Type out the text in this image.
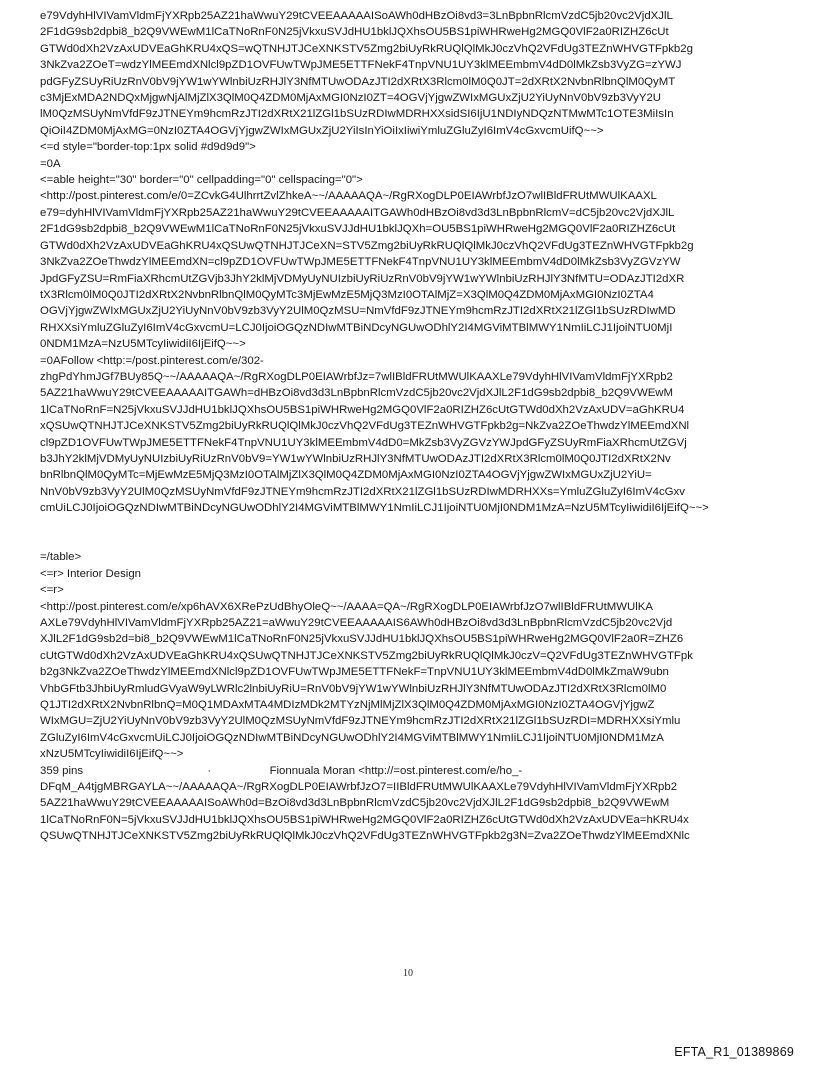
e79VdyhHlVIVamVldmFjYXRpb25AZ21haWwuY29tCVEEAAAAAISoAWh0dHBzOi8vd3=3LnBpbnRlcmVzdC5jb20vc2VjdXJlL
2F1dG9sb2dpbi8_b2Q9VWEwM1lCaTNoRnF0N25jVkxuSVJdHU1bklJQXhsOU5BS1piWHRweHg2MGQ0VlF2a0RIZHZ6cUt
GTWd0dXh2VzAxUDVEaGhKRU4xQS=wQTNHJTJCeXNKSTV5Zmg2biUyRkRUQlQlMkJ0czVhQ2VFdUg3TEZnWHVGTFpkb2g
3NkZva2ZOeT=wdzYlMEEmdXNlcl9pZD1OVFUwTWpJME5ETTFNekF4TnpVNU1UY3klMEEmbmV4dD0lMkZsb3VyZG=zYWJ
pdGFyZSUyRiUzRnV0bV9jYW1wYWlnbiUzRHJlY3NfMTUwODAzJTI2dXRtX3Rlcm0lM0Q0JT=2dXRtX2NvbnRlbnQlM0QyMT
c3MjExMDA2NDQxMjgwNjAlMjZlX3QlM0Q4ZDM0MjAxMGI0NzI0ZT=4OGVjYjgwZWIxMGUxZjU2YiUyNnV0bV9zb3VyY2U
lM0QzMSUyNmVfdF9zJTNEYm9hcmRzJTI2dXRtX21lZGl1bSUzRDIwMDRHXXsidSI6IjU1NDIyNDQzNTMwMTc1OTE3MiIsIn
QiOiI4ZDM0MjAxMG=0NzI0ZTA4OGVjYjgwZWIxMGUxZjU2YiIsInYiOiIxIiwiYmluZGluZyI6ImV4cGxvcmUifQ~~>
<=d style="border-top:1px solid #d9d9d9">
=0A
<=able height="30" border="0" cellpadding="0" cellspacing="0">
<http://post.pinterest.com/e/0=ZCvkG4UlhrrtZvlZhkeA~~/AAAAAQA~/RgRXogDLP0EIAWrbfJzO7wlIBldFRUtMWUlKAAXL
e79=dyhHlVIVamVldmFjYXRpb25AZ21haWwuY29tCVEEAAAAAITGAWh0dHBzOi8vd3d3LnBpbnRlcmV=dC5jb20vc2VjdXJlL
2F1dG9sb2dpbi8_b2Q9VWEwM1lCaTNoRnF0N25jVkxuSVJJdHU1bklJQXh=OU5BS1piWHRweHg2MGQ0VlF2a0RIZHZ6cUt
GTWd0dXh2VzAxUDVEaGhKRU4xQSUwQTNHJTJCeXN=STV5Zmg2biUyRkRUQlQlMkJ0czVhQ2VFdUg3TEZnWHVGTFpkb2g
3NkZva2ZOeThwdzYlMEEmdXN=cl9pZD1OVFUwTWpJME5ETTFNekF4TnpVNU1UY3klMEEmbmV4dD0lMkZsb3VyZGVzYW
JpdGFyZSU=RmFiaXRhcmUtZGVjb3JhY2klMjVDMyUyNUIzbiUyRiUzRnV0bV9jYW1wYWlnbiUzRHJlY3NfMTU=ODAzJTI2dXR
tX3Rlcm0lM0Q0JTI2dXRtX2NvbnRlbnQlM0QyMTc3MjEwMzE5MjQ3MzI0OTAlMjZ=X3QlM0Q4ZDM0MjAxMGI0NzI0ZTA4
OGVjYjgwZWIxMGUxZjU2YiUyNnV0bV9zb3VyY2UlM0QzMSU=NmVfdF9zJTNEYm9hcmRzJTI2dXRtX21lZGl1bSUzRDIwMD
RHXXsiYmluZGluZyI6ImV4cGxvcmU=LCJ0IjoiOGQzNDIwMTBiNDcyNGUwODhlY2I4MGViMTBlMWY1NmIiLCJ1IjoiNTU0MjI
0NDM1MzA=NzU5MTcyIiwidiI6IjEifQ~~>
=0AFollow <http:=/post.pinterest.com/e/302-
zhgPdYhmJGf7BUy85Q~~/AAAAAQA~/RgRXogDLP0EIAWrbfJz=7wlIBldFRUtMWUlKAAXLe79VdyhHlVIVamVldmFjYXRpb2
5AZ21haWwuY29tCVEEAAAAAITGAWh=dHBzOi8vd3d3LnBpbnRlcmVzdC5jb20vc2VjdXJlL2F1dG9sb2dpbi8_b2Q9VWEwM
1lCaTNoRnF=N25jVkxuSVJJdHU1bklJQXhsOU5BS1piWHRweHg2MGQ0VlF2a0RIZHZ6cUtGTWd0dXh2VzAxUDV=aGhKRU4
xQSUwQTNHJTJCeXNKSTV5Zmg2biUyRkRUQlQlMkJ0czVhQ2VFdUg3TEZnWHVGTFpkb2g=NkZva2ZOeThwdzYlMEEmdXNl
cl9pZD1OVFUwTWpJME5ETTFNekF4TnpVNU1UY3klMEEmbmV4dD0=MkZsb3VyZGVzYWJpdGFyZSUyRmFiaXRhcmUtZGVj
b3JhY2klMjVDMyUyNUIzbiUyRiUzRnV0bV9=YW1wYWlnbiUzRHJlY3NfMTUwODAzJTI2dXRtX3Rlcm0lM0Q0JTI2dXRtX2Nv
bnRlbnQlM0QyMTc=MjEwMzE5MjQ3MzI0OTAlMjZlX3QlM0Q4ZDM0MjAxMGI0NzI0ZTA4OGVjYjgwZWIxMGUxZjU2YiU=
NnV0bV9zb3VyY2UlM0QzMSUyNmVfdF9zJTNEYm9hcmRzJTI2dXRtX21lZGl1bSUzRDIwMDRHXXs=YmluZGluZyI6ImV4cGxv
cmUiLCJ0IjoiOGQzNDIwMTBiNDcyNGUwODhlY2I4MGViMTBlMWY1NmIiLCJ1IjoiNTU0MjI0NDM1MzA=NzU5MTcyIiwidiI6IjEifQ~~>
=/table>
<=r> Interior Design
<=r>
<http://post.pinterest.com/e/xp6hAVX6XRePzUdBhyOleQ~~/AAAA=QA~/RgRXogDLP0EIAWrbfJzO7wlIBldFRUtMWUlKA
AXLe79VdyhHlVIVamVldmFjYXRpb25AZ21=aWwuY29tCVEEAAAAAIS6AWh0dHBzOi8vd3d3LnBpbnRlcmVzdC5jb20vc2Vjd
XJlL2F1dG9sb2d=bi8_b2Q9VWEwM1lCaTNoRnF0N25jVkxuSVJJdHU1bklJQXhsOU5BS1piWHRweHg2MGQ0VlF2a0R=ZHZ6
cUtGTWd0dXh2VzAxUDVEaGhKRU4xQSUwQTNHJTJCeXNKSTV5Zmg2biUyRkRUQlQlMkJ0czV=Q2VFdUg3TEZnWHVGTFpk
b2g3NkZva2ZOeThwdzYlMEEmdXNlcl9pZD1OVFUwTWpJME5ETTFNekF=TnpVNU1UY3klMEEmbmV4dD0lMkZmaW9ubn
VhbGFtb3JhbiUyRmludGVyaW9yLWRlc2lnbiUyRiU=RnV0bV9jYW1wYWlnbiUzRHJlY3NfMTUwODAzJTI2dXRtX3Rlcm0lM0
Q1JTI2dXRtX2NvbnRlbnQ=M0Q1MDAxMTA4MDIzMDk2MTYzNjMlMjZlX3QlM0Q4ZDM0MjAxMGI0NzI0ZTA4OGVjYjgwZ
WIxMGU=ZjU2YiUyNnV0bV9zb3VyY2UlM0QzMSUyNmVfdF9zJTNEYm9hcmRzJTI2dXRtX21lZGl1bSUzRDI=MDRHXXsiYmlu
ZGluZyI6ImV4cGxvcmUiLCJ0IjoiOGQzNDIwMTBiNDcyNGUwODhlY2I4MGViMTBlMWY1NmIiLCJ1IjoiNTU0MjI0NDM1MzA
xNzU5MTcyIiwidiI6IjEifQ~~>
359 pins	·	Fionnuala Moran <http://=ost.pinterest.com/e/ho_-
DFqM_A4tjgMBRGAYLA~~/AAAAAQA~/RgRXogDLP0EIAWrbfJzO7=IIBldFRUtMWUlKAAXLe79VdyhHlVIVamVldmFjYXRpb2
5AZ21haWwuY29tCVEEAAAAAISoAWh0d=BzOi8vd3d3LnBpbnRlcmVzdC5jb20vc2VjdXJlL2F1dG9sb2dpbi8_b2Q9VWEwM
1lCaTNoRnF0N=5jVkxuSVJJdHU1bklJQXhsOU5BS1piWHRweHg2MGQ0VlF2a0RIZHZ6cUtGTWd0dXh2VzAxUDVEa=hKRU4x
QSUwQTNHJTJCeXNKSTV5Zmg2biUyRkRUQlQlMkJ0czVhQ2VFdUg3TEZnWHVGTFpkb2g3N=Zva2ZOeThwdzYlMEEmdXNlc
10
EFTA_R1_01389869
